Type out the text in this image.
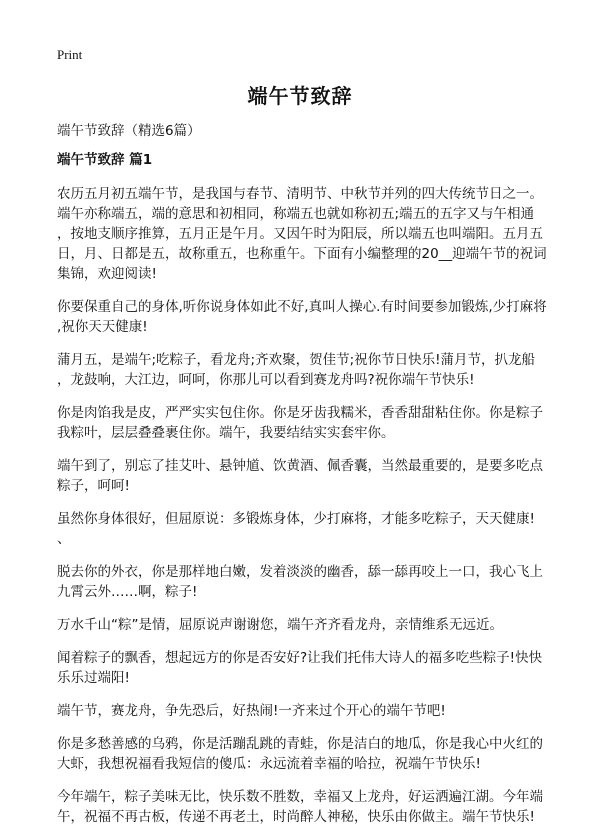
Print
端午节致辞
端午节致辞（精选6篇）
端午节致辞 篇1

农历五月初五端午节，是我国与春节、清明节、中秋节并列的四大传统节日之一。
端午亦称端五，端的意思和初相同，称端五也就如称初五;端五的五字又与午相通
，按地支顺序推算，五月正是午月。又因午时为阳辰，所以端五也叫端阳。五月五
日，月、日都是五，故称重五，也称重午。下面有小编整理的20__迎端午节的祝词
集锦，欢迎阅读!

你要保重自己的身体,听你说身体如此不好,真叫人操心.有时间要参加锻炼,少打麻将
,祝你天天健康!

蒲月五，是端午;吃粽子，看龙舟;齐欢聚，贺佳节;祝你节日快乐!蒲月节，扒龙船
，龙鼓响，大江边，呵呵，你那儿可以看到赛龙舟吗?祝你端午节快乐!

你是肉馅我是皮，严严实实包住你。你是牙齿我糯米，香香甜甜粘住你。你是粽子
我粽叶，层层叠叠裹住你。端午，我要结结实实套牢你。

端午到了，别忘了挂艾叶、悬钟馗、饮黄酒、佩香囊，当然最重要的，是要多吃点
粽子，呵呵!

虽然你身体很好，但屈原说：多锻炼身体，少打麻将，才能多吃粽子，天天健康!
、

脱去你的外衣，你是那样地白嫩，发着淡淡的幽香，舔一舔再咬上一口，我心飞上
九霄云外……啊，粽子!

万水千山“粽”是情，屈原说声谢谢您，端午齐齐看龙舟，亲情维系无远近。

闻着粽子的飘香，想起远方的你是否安好?让我们托伟大诗人的福多吃些粽子!快快
乐乐过端阳!

端午节，赛龙舟，争先恐后，好热闹!一齐来过个开心的端午节吧!

你是多愁善感的乌鸦，你是活蹦乱跳的青蛙，你是洁白的地瓜，你是我心中火红的
大虾，我想祝福看我短信的傻瓜：永远流着幸福的哈拉，祝端午节快乐!

今年端午，粽子美味无比，快乐数不胜数，幸福又上龙舟，好运洒遍江湖。今年端
午，祝福不再古板，传递不再老土，时尚醉人神秘，快乐由你做主。端午节快乐!
